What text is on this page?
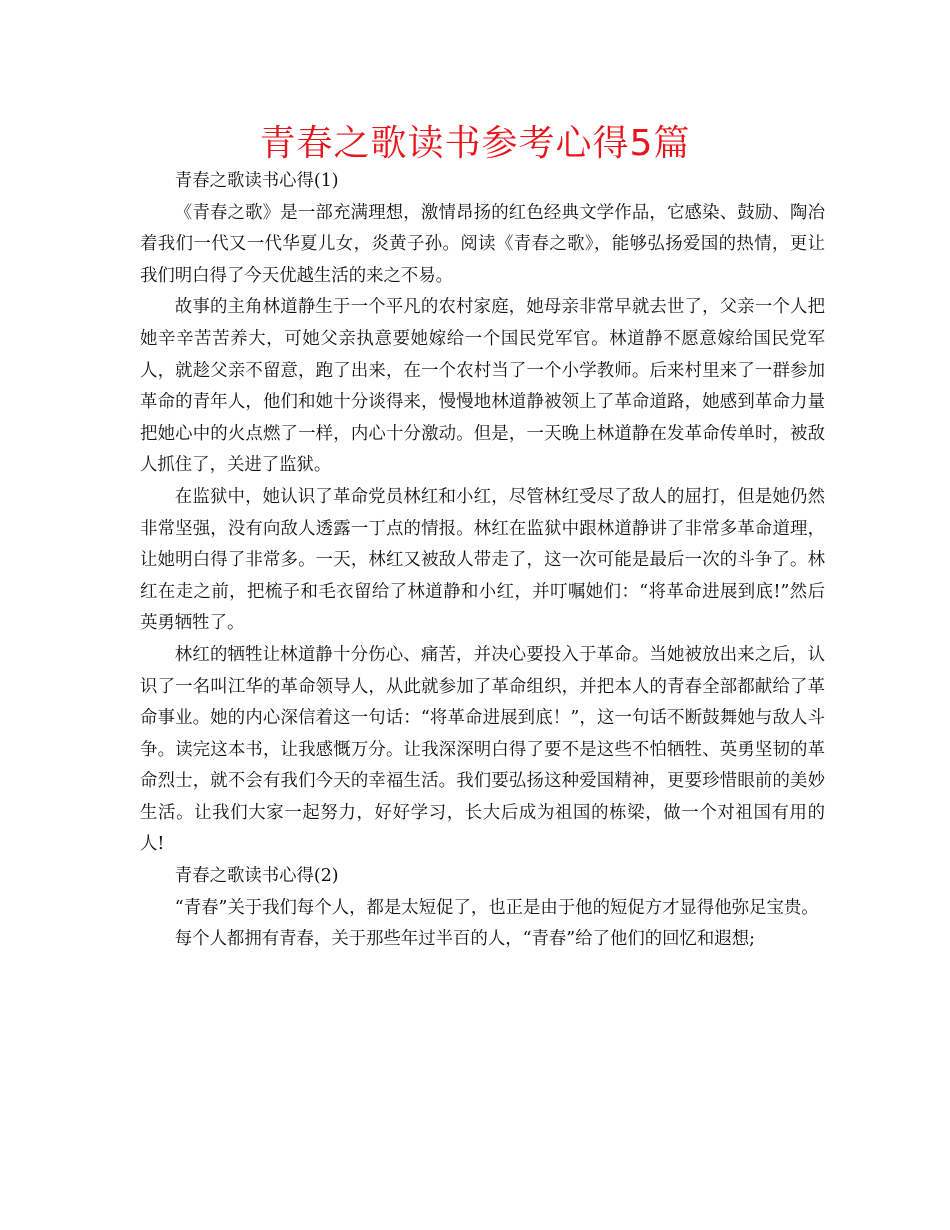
青春之歌读书参考心得5篇

青春之歌读书心得(1)

《青春之歌》是一部充满理想，激情昂扬的红色经典文学作品，它感染、鼓励、陶冶着我们一代又一代华夏儿女，炎黄子孙。阅读《青春之歌》，能够弘扬爱国的热情，更让我们明白得了今天优越生活的来之不易。

故事的主角林道静生于一个平凡的农村家庭，她母亲非常早就去世了，父亲一个人把她辛辛苦苦养大，可她父亲执意要她嫁给一个国民党军官。林道静不愿意嫁给国民党军人，就趁父亲不留意，跑了出来，在一个农村当了一个小学教师。后来村里来了一群参加革命的青年人，他们和她十分谈得来，慢慢地林道静被领上了革命道路，她感到革命力量把她心中的火点燃了一样，内心十分激动。但是，一天晚上林道静在发革命传单时，被敌人抓住了，关进了监狱。

在监狱中，她认识了革命党员林红和小红，尽管林红受尽了敌人的屈打，但是她仍然非常坚强，没有向敌人透露一丁点的情报。林红在监狱中跟林道静讲了非常多革命道理，让她明白得了非常多。一天，林红又被敌人带走了，这一次可能是最后一次的斗争了。林红在走之前，把梳子和毛衣留给了林道静和小红，并叮嘱她们：“将革命进展到底!”然后英勇牺牲了。

林红的牺牲让林道静十分伤心、痛苦，并决心要投入于革命。当她被放出来之后，认识了一名叫江华的革命领导人，从此就参加了革命组织，并把本人的青春全部都献给了革命事业。她的内心深信着这一句话：“将革命进展到底！”，这一句话不断鼓舞她与敌人斗争。读完这本书，让我感慨万分。让我深深明白得了要不是这些不怕牺牲、英勇坚韧的革命烈士，就不会有我们今天的幸福生活。我们要弘扬这种爱国精神，更要珍惜眼前的美妙生活。让我们大家一起努力，好好学习，长大后成为祖国的栋梁，做一个对祖国有用的人!

青春之歌读书心得(2)

“青春”关于我们每个人，都是太短促了，也正是由于他的短促方才显得他弥足宝贵。

每个人都拥有青春，关于那些年过半百的人，“青春”给了他们的回忆和遐想;
